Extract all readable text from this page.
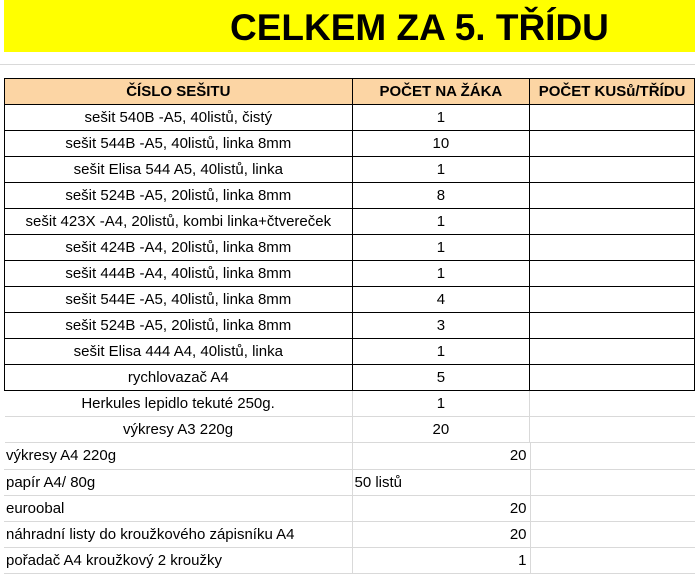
CELKEM ZA 5. TŘÍDU
ČÍSLO SEŠITU	POČET NA ŽÁKA	POČET KUSů/TŘÍDU
sešit 540B -A5, 40listů, čistý	1	
sešit 544B -A5, 40listů, linka 8mm	10	
sešit Elisa 544 A5, 40listů, linka	1	
sešit 524B -A5, 20listů, linka 8mm	8	
sešit 423X -A4, 20listů, kombi linka+čtvereček	1	
sešit 424B -A4, 20listů, linka 8mm	1	
sešit 444B -A4, 40listů, linka 8mm	1	
sešit 544E -A5, 40listů, linka 8mm	4	
sešit 524B -A5, 20listů, linka 8mm	3	
sešit Elisa 444 A4, 40listů, linka	1	
rychlovazač A4	5	
Herkules lepidlo tekuté 250g.	1	
výkresy A3 220g	20	
výkresy A4 220g	20	
papír A4/ 80g	50 listů	
euroobal	20	
náhradní listy do kroužkového zápisníku A4	20	
pořadač A4 kroužkový 2 kroužky	1	
